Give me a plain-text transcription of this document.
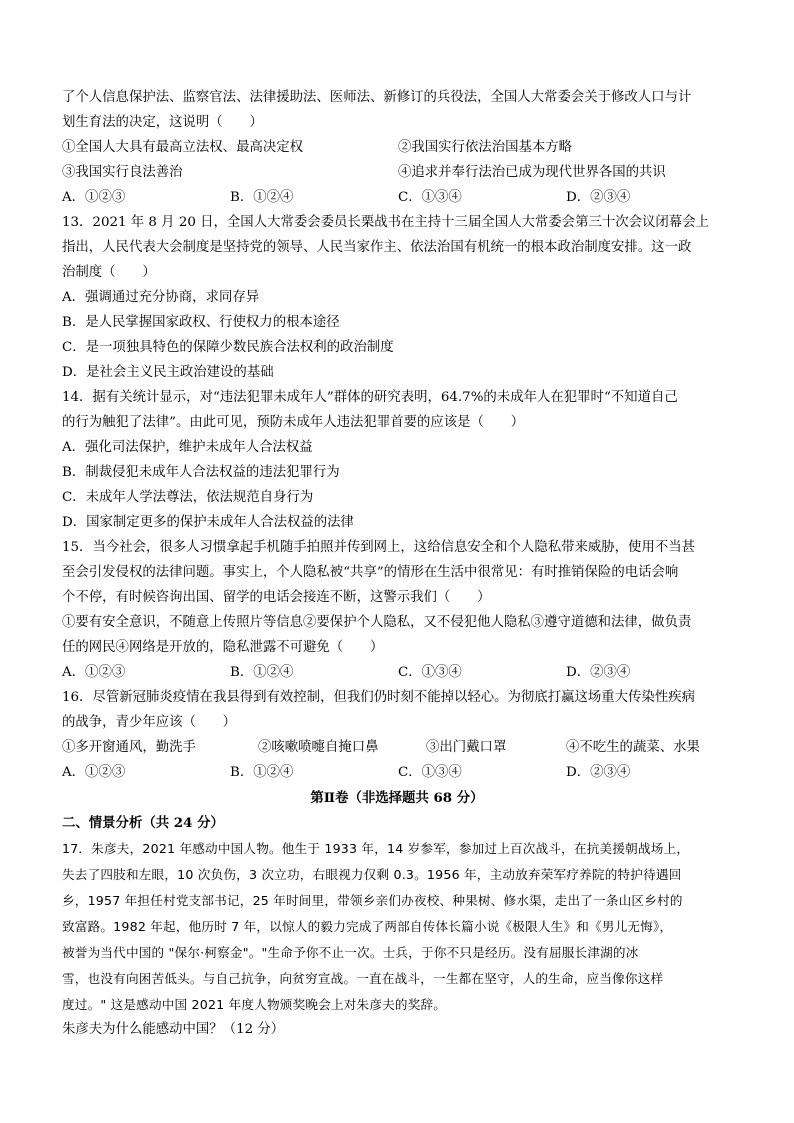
了个人信息保护法、监察官法、法律援助法、医师法、新修订的兵役法，全国人大常委会关于修改人口与计
划生育法的决定，这说明（　　）
①全国人大具有最高立法权、最高决定权	②我国实行依法治国基本方略
③我国实行良法善治	④追求并奉行法治已成为现代世界各国的共识
A．①②③	B．①②④	C．①③④	D．②③④
13．2021 年 8 月 20 日，全国人大常委会委员长栗战书在主持十三届全国人大常委会第三十次会议闭幕会上
指出，人民代表大会制度是坚持党的领导、人民当家作主、依法治国有机统一的根本政治制度安排。这一政
治制度（　　）
A．强调通过充分协商，求同存异
B．是人民掌握国家政权、行使权力的根本途径
C．是一项独具特色的保障少数民族合法权利的政治制度
D．是社会主义民主政治建设的基础
14．据有关统计显示，对“违法犯罪未成年人”群体的研究表明，64.7%的未成年人在犯罪时“不知道自己
的行为触犯了法律”。由此可见，预防未成年人违法犯罪首要的应该是（　　）
A．强化司法保护，维护未成年人合法权益
B．制裁侵犯未成年人合法权益的违法犯罪行为
C．未成年人学法尊法，依法规范自身行为
D．国家制定更多的保护未成年人合法权益的法律
15．当今社会，很多人习惯拿起手机随手拍照并传到网上，这给信息安全和个人隐私带来威胁，使用不当甚
至会引发侵权的法律问题。事实上，个人隐私被“共享”的情形在生活中很常见：有时推销保险的电话会响
个不停，有时候咨询出国、留学的电话会接连不断，这警示我们（　　）
①要有安全意识，不随意上传照片等信息②要保护个人隐私，又不侵犯他人隐私③遵守道德和法律，做负责
任的网民④网络是开放的，隐私泄露不可避免（　　）
A．①②③	B．①②④	C．①③④	D．②③④
16．尽管新冠肺炎疫情在我县得到有效控制，但我们仍时刻不能掉以轻心。为彻底打赢这场重大传染性疾病
的战争，青少年应该（　　）
①多开窗通风，勤洗手	②咳嗽喷嚏自掩口鼻	③出门戴口罩	④不吃生的蔬菜、水果
A．①②③	B．①②④	C．①③④	D．②③④
第Ⅱ卷（非选择题共 68 分）
二、情景分析（共 24 分）
17．朱彦夫，2021 年感动中国人物。他生于 1933 年，14 岁参军，参加过上百次战斗，在抗美援朝战场上，
失去了四肢和左眼，10 次负伤，3 次立功，右眼视力仅剩 0.3。1956 年，主动放弃荣军疗养院的特护待遇回
乡，1957 年担任村党支部书记，25 年时间里，带领乡亲们办夜校、种果树、修水渠，走出了一条山区乡村的
致富路。1982 年起，他历时 7 年，以惊人的毅力完成了两部自传体长篇小说《极限人生》和《男儿无悔》，
被誉为当代中国的 "保尔·柯察金"。"生命予你不止一次。士兵，于你不只是经历。没有屈服长津湖的冰
雪，也没有向困苦低头。与自己抗争，向贫穷宣战。一直在战斗，一生都在坚守，人的生命，应当像你这样
度过。" 这是感动中国 2021 年度人物颁奖晚会上对朱彦夫的奖辞。
朱彦夫为什么能感动中国？（12 分）
